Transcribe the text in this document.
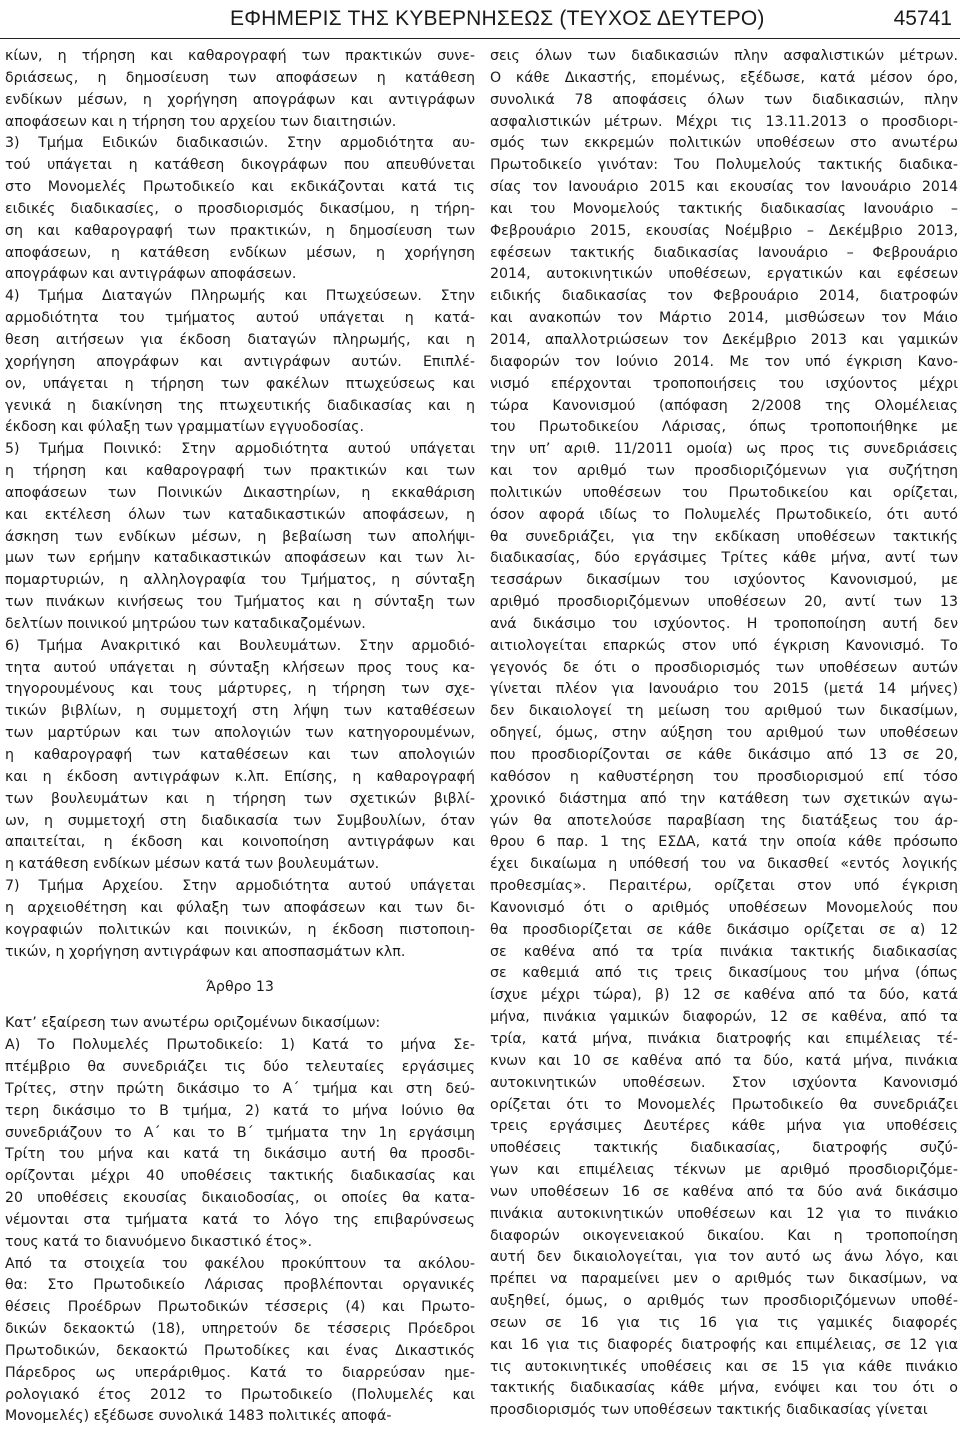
ΕΦΗΜΕΡΙΣ ΤΗΣ ΚΥΒΕΡΝΗΣΕΩΣ (ΤΕΥΧΟΣ ΔΕΥΤΕΡΟ)	45741

κίων, η τήρηση και καθαρογραφή των πρακτικών συνε-

δριάσεως, η δημοσίευση των αποφάσεων η κατάθεση

ενδίκων μέσων, η χορήγηση απογράφων και αντιγράφων

αποφάσεων και η τήρηση του αρχείου των διαιτησιών.

3) Τμήμα Ειδικών διαδικασιών. Στην αρμοδιότητα αυ-

τού υπάγεται η κατάθεση δικογράφων που απευθύνεται

στο Μονομελές Πρωτοδικείο και εκδικάζονται κατά τις

ειδικές διαδικασίες, ο προσδιορισμός δικασίμου, η τήρη-

ση και καθαρογραφή των πρακτικών, η δημοσίευση των

αποφάσεων, η κατάθεση ενδίκων μέσων, η χορήγηση

απογράφων και αντιγράφων αποφάσεων.

4) Τμήμα Διαταγών Πληρωμής και Πτωχεύσεων. Στην

αρμοδιότητα του τμήματος αυτού υπάγεται η κατά-

θεση αιτήσεων για έκδοση διαταγών πληρωμής, και η

χορήγηση απογράφων και αντιγράφων αυτών. Επιπλέ-

ον, υπάγεται η τήρηση των φακέλων πτωχεύσεως και

γενικά η διακίνηση της πτωχευτικής διαδικασίας και η

έκδοση και φύλαξη των γραμματίων εγγυοδοσίας.

5) Τμήμα Ποινικό: Στην αρμοδιότητα αυτού υπάγεται

η τήρηση και καθαρογραφή των πρακτικών και των

αποφάσεων των Ποινικών Δικαστηρίων, η εκκαθάριση

και εκτέλεση όλων των καταδικαστικών αποφάσεων, η

άσκηση των ενδίκων μέσων, η βεβαίωση των απολήψι-

μων των ερήμην καταδικαστικών αποφάσεων και των λι-

πομαρτυριών, η αλληλογραφία του Τμήματος, η σύνταξη

των πινάκων κινήσεως του Τμήματος και η σύνταξη των

δελτίων ποινικού μητρώου των καταδικαζομένων.

6) Τμήμα Ανακριτικό και Βουλευμάτων. Στην αρμοδιό-

τητα αυτού υπάγεται η σύνταξη κλήσεων προς τους κα-

τηγορουμένους και τους μάρτυρες, η τήρηση των σχε-

τικών βιβλίων, η συμμετοχή στη λήψη των καταθέσεων

των μαρτύρων και των απολογιών των κατηγορουμένων,

η καθαρογραφή των καταθέσεων και των απολογιών

και η έκδοση αντιγράφων κ.λπ. Επίσης, η καθαρογραφή

των βουλευμάτων και η τήρηση των σχετικών βιβλί-

ων, η συμμετοχή στη διαδικασία των Συμβουλίων, όταν

απαιτείται, η έκδοση και κοινοποίηση αντιγράφων και

η κατάθεση ενδίκων μέσων κατά των βουλευμάτων.

7) Τμήμα Αρχείου. Στην αρμοδιότητα αυτού υπάγεται

η αρχειοθέτηση και φύλαξη των αποφάσεων και των δι-

κογραφιών πολιτικών και ποινικών, η έκδοση πιστοποιη-

τικών, η χορήγηση αντιγράφων και αποσπασμάτων κλπ.

Άρθρο 13

Κατ’ εξαίρεση των ανωτέρω οριζομένων δικασίμων:

Α) Το Πολυμελές Πρωτοδικείο: 1) Κατά το μήνα Σε-

πτέμβριο θα συνεδριάζει τις δύο τελευταίες εργάσιμες

Τρίτες, στην πρώτη δικάσιμο το Α΄ τμήμα και στη δεύ-

τερη δικάσιμο το Β τμήμα, 2) κατά το μήνα Ιούνιο θα

συνεδριάζουν το Α΄ και το Β΄ τμήματα την 1η εργάσιμη

Τρίτη του μήνα και κατά τη δικάσιμο αυτή θα προσδι-

ορίζονται μέχρι 40 υποθέσεις τακτικής διαδικασίας και

20 υποθέσεις εκουσίας δικαιοδοσίας, οι οποίες θα κατα-

νέμονται στα τμήματα κατά το λόγο της επιβαρύνσεως

τους κατά το διανυόμενο δικαστικό έτος».

Από τα στοιχεία του φακέλου προκύπτουν τα ακόλου-

θα: Στο Πρωτοδικείο Λάρισας προβλέπονται οργανικές

θέσεις Προέδρων Πρωτοδικών τέσσερις (4) και Πρωτο-

δικών δεκαοκτώ (18), υπηρετούν δε τέσσερις Πρόεδροι

Πρωτοδικών, δεκαοκτώ Πρωτοδίκες και ένας Δικαστικός

Πάρεδρος ως υπεράριθμος. Κατά το διαρρεύσαν ημε-

ρολογιακό έτος 2012 το Πρωτοδικείο (Πολυμελές και

Μονομελές) εξέδωσε συνολικά 1483 πολιτικές αποφά-

σεις όλων των διαδικασιών πλην ασφαλιστικών μέτρων.

Ο κάθε Δικαστής, επομένως, εξέδωσε, κατά μέσον όρο,

συνολικά 78 αποφάσεις όλων των διαδικασιών, πλην

ασφαλιστικών μέτρων. Μέχρι τις 13.11.2013 ο προσδιορι-

σμός των εκκρεμών πολιτικών υποθέσεων στο ανωτέρω

Πρωτοδικείο γινόταν: Του Πολυμελούς τακτικής διαδικα-

σίας τον Ιανουάριο 2015 και εκουσίας τον Ιανουάριο 2014

και του Μονομελούς τακτικής διαδικασίας Ιανουάριο –

Φεβρουάριο 2015, εκουσίας Νοέμβριο – Δεκέμβριο 2013,

εφέσεων τακτικής διαδικασίας Ιανουάριο – Φεβρουάριο

2014, αυτοκινητικών υποθέσεων, εργατικών και εφέσεων

ειδικής διαδικασίας τον Φεβρουάριο 2014, διατροφών

και ανακοπών τον Μάρτιο 2014, μισθώσεων τον Μάιο

2014, απαλλοτριώσεων τον Δεκέμβριο 2013 και γαμικών

διαφορών τον Ιούνιο 2014. Με τον υπό έγκριση Κανο-

νισμό επέρχονται τροποποιήσεις του ισχύοντος μέχρι

τώρα Κανονισμού (απόφαση 2/2008 της Ολομέλειας

του Πρωτοδικείου Λάρισας, όπως τροποποιήθηκε με

την υπ’ αριθ. 11/2011 ομοία) ως προς τις συνεδριάσεις

και τον αριθμό των προσδιοριζόμενων για συζήτηση

πολιτικών υποθέσεων του Πρωτοδικείου και ορίζεται,

όσον αφορά ιδίως το Πολυμελές Πρωτοδικείο, ότι αυτό

θα συνεδριάζει, για την εκδίκαση υποθέσεων τακτικής

διαδικασίας, δύο εργάσιμες Τρίτες κάθε μήνα, αντί των

τεσσάρων δικασίμων του ισχύοντος Κανονισμού, με

αριθμό προσδιοριζόμενων υποθέσεων 20, αντί των 13

ανά δικάσιμο του ισχύοντος. Η τροποποίηση αυτή δεν

αιτιολογείται επαρκώς στον υπό έγκριση Κανονισμό. Το

γεγονός δε ότι ο προσδιορισμός των υποθέσεων αυτών

γίνεται πλέον για Ιανουάριο του 2015 (μετά 14 μήνες)

δεν δικαιολογεί τη μείωση του αριθμού των δικασίμων,

οδηγεί, όμως, στην αύξηση του αριθμού των υποθέσεων

που προσδιορίζονται σε κάθε δικάσιμο από 13 σε 20,

καθόσον η καθυστέρηση του προσδιορισμού επί τόσο

χρονικό διάστημα από την κατάθεση των σχετικών αγω-

γών θα αποτελούσε παραβίαση της διατάξεως του άρ-

θρου 6 παρ. 1 της ΕΣΔΑ, κατά την οποία κάθε πρόσωπο

έχει δικαίωμα η υπόθεσή του να δικασθεί «εντός λογικής

προθεσμίας». Περαιτέρω, ορίζεται στον υπό έγκριση

Κανονισμό ότι ο αριθμός υποθέσεων Μονομελούς που

θα προσδιορίζεται σε κάθε δικάσιμο ορίζεται σε α) 12

σε καθένα από τα τρία πινάκια τακτικής διαδικασίας

σε καθεμιά από τις τρεις δικασίμους του μήνα (όπως

ίσχυε μέχρι τώρα), β) 12 σε καθένα από τα δύο, κατά

μήνα, πινάκια γαμικών διαφορών, 12 σε καθένα, από τα

τρία, κατά μήνα, πινάκια διατροφής και επιμέλειας τέ-

κνων και 10 σε καθένα από τα δύο, κατά μήνα, πινάκια

αυτοκινητικών υποθέσεων. Στον ισχύοντα Κανονισμό

ορίζεται ότι το Μονομελές Πρωτοδικείο θα συνεδριάζει

τρεις εργάσιμες Δευτέρες κάθε μήνα για υποθέσεις

υποθέσεις τακτικής διαδικασίας, διατροφής συζύ-

γων και επιμέλειας τέκνων με αριθμό προσδιοριζόμε-

νων υποθέσεων 16 σε καθένα από τα δύο ανά δικάσιμο

πινάκια αυτοκινητικών υποθέσεων και 12 για το πινάκιο

διαφορών οικογενειακού δικαίου. Και η τροποποίηση

αυτή δεν δικαιολογείται, για τον αυτό ως άνω λόγο, και

πρέπει να παραμείνει μεν ο αριθμός των δικασίμων, να

αυξηθεί, όμως, ο αριθμός των προσδιοριζόμενων υποθέ-

σεων σε 16 για τις 16 για τις γαμικές διαφορές

και 16 για τις διαφορές διατροφής και επιμέλειας, σε 12 για

τις αυτοκινητικές υποθέσεις και σε 15 για κάθε πινάκιο

τακτικής διαδικασίας κάθε μήνα, ενόψει και του ότι ο

προσδιορισμός των υποθέσεων τακτικής διαδικασίας γίνεται
